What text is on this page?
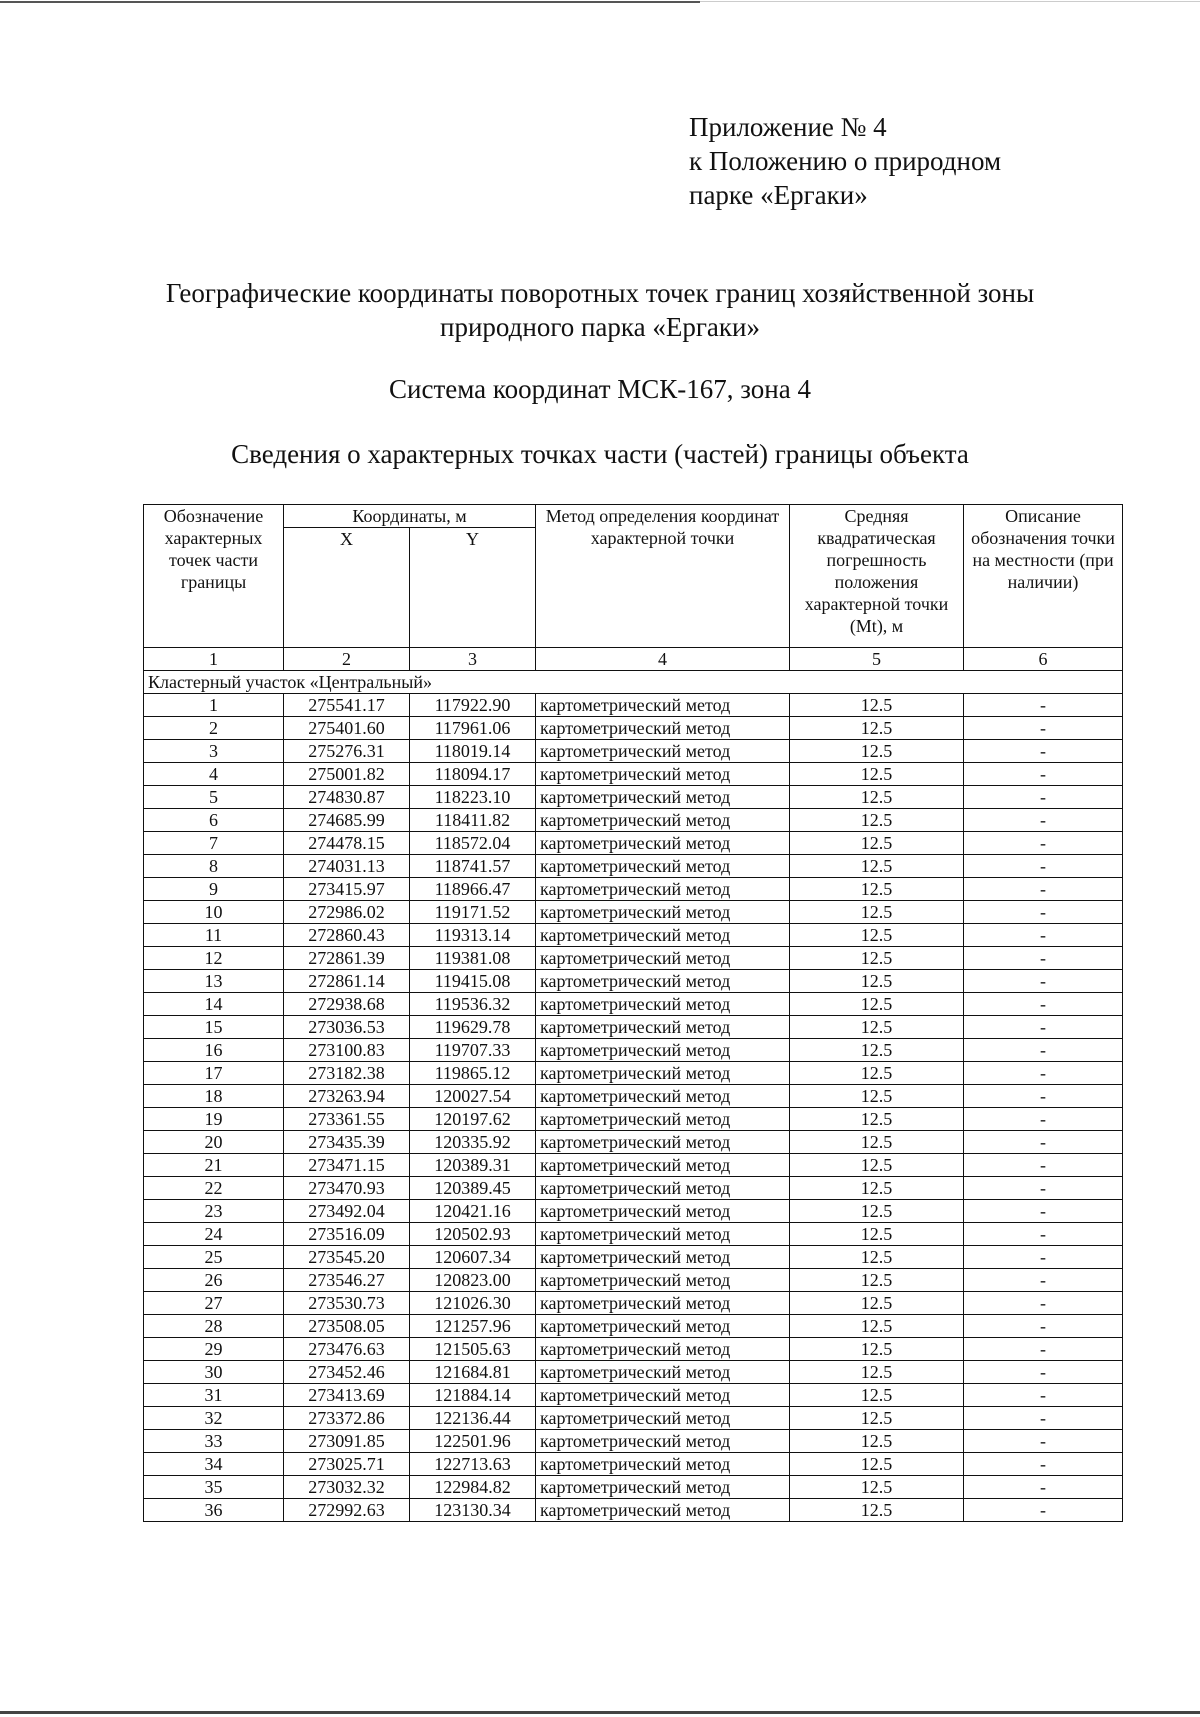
Приложение № 4
к Положению о природном
парке «Ергаки»
Географические координаты поворотных точек границ хозяйственной зоны
природного парка «Ергаки»
Система координат МСК-167, зона 4
Сведения о характерных точках части (частей) границы объекта
Обозначение характерных точек части границы	Координаты, м		Метод определения координат характерной точки	Средняя квадратическая погрешность положения характерной точки (Mt), м	Описание обозначения точки на местности (при наличии)
	X	Y			
1	2	3	4	5	6
Кластерный участок «Центральный»					
1	275541.17	117922.90	картометрический метод	12.5	-
2	275401.60	117961.06	картометрический метод	12.5	-
3	275276.31	118019.14	картометрический метод	12.5	-
4	275001.82	118094.17	картометрический метод	12.5	-
5	274830.87	118223.10	картометрический метод	12.5	-
6	274685.99	118411.82	картометрический метод	12.5	-
7	274478.15	118572.04	картометрический метод	12.5	-
8	274031.13	118741.57	картометрический метод	12.5	-
9	273415.97	118966.47	картометрический метод	12.5	-
10	272986.02	119171.52	картометрический метод	12.5	-
11	272860.43	119313.14	картометрический метод	12.5	-
12	272861.39	119381.08	картометрический метод	12.5	-
13	272861.14	119415.08	картометрический метод	12.5	-
14	272938.68	119536.32	картометрический метод	12.5	-
15	273036.53	119629.78	картометрический метод	12.5	-
16	273100.83	119707.33	картометрический метод	12.5	-
17	273182.38	119865.12	картометрический метод	12.5	-
18	273263.94	120027.54	картометрический метод	12.5	-
19	273361.55	120197.62	картометрический метод	12.5	-
20	273435.39	120335.92	картометрический метод	12.5	-
21	273471.15	120389.31	картометрический метод	12.5	-
22	273470.93	120389.45	картометрический метод	12.5	-
23	273492.04	120421.16	картометрический метод	12.5	-
24	273516.09	120502.93	картометрический метод	12.5	-
25	273545.20	120607.34	картометрический метод	12.5	-
26	273546.27	120823.00	картометрический метод	12.5	-
27	273530.73	121026.30	картометрический метод	12.5	-
28	273508.05	121257.96	картометрический метод	12.5	-
29	273476.63	121505.63	картометрический метод	12.5	-
30	273452.46	121684.81	картометрический метод	12.5	-
31	273413.69	121884.14	картометрический метод	12.5	-
32	273372.86	122136.44	картометрический метод	12.5	-
33	273091.85	122501.96	картометрический метод	12.5	-
34	273025.71	122713.63	картометрический метод	12.5	-
35	273032.32	122984.82	картометрический метод	12.5	-
36	272992.63	123130.34	картометрический метод	12.5	-
